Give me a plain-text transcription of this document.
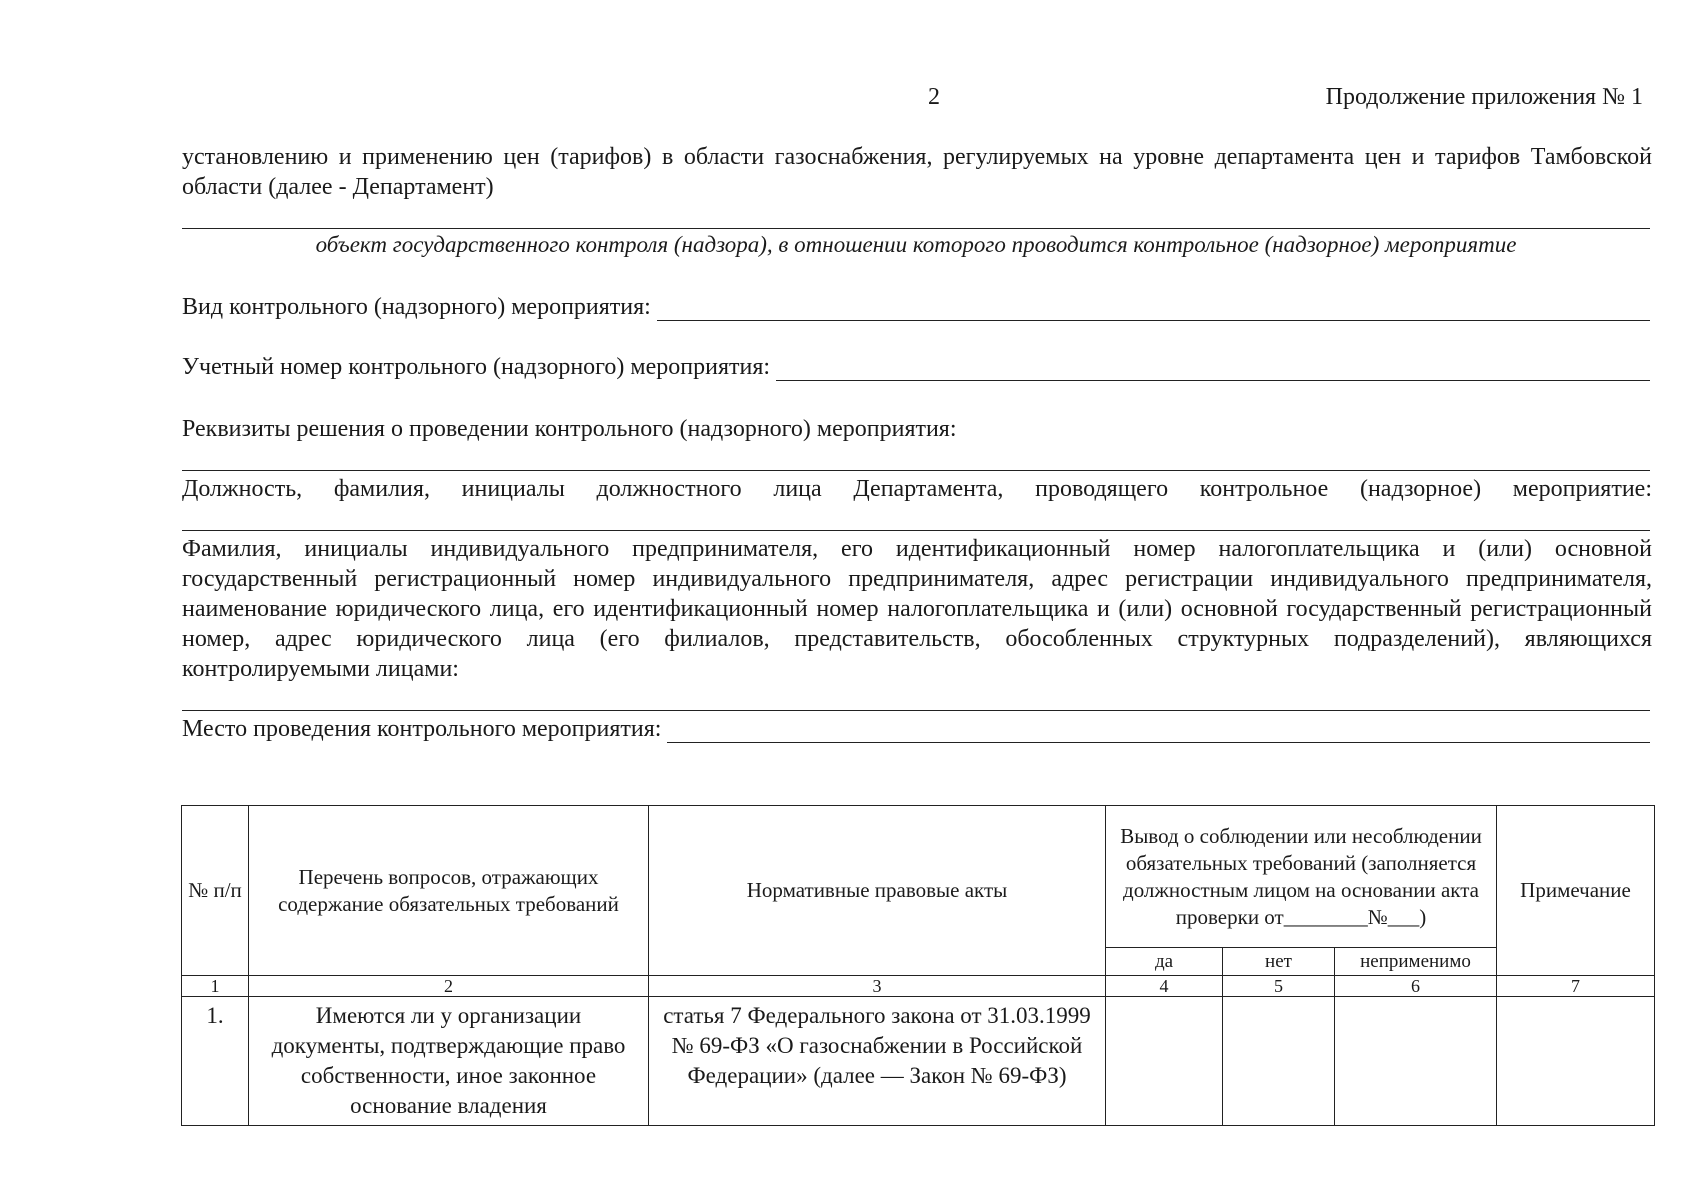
2	Продолжение приложения № 1
установлению и применению цен (тарифов) в области газоснабжения, регулируемых на уровне департамента цен и тарифов Тамбовской области (далее - Департамент)
объект государственного контроля (надзора), в отношении которого проводится контрольное (надзорное) мероприятие
Вид контрольного (надзорного) мероприятия:
Учетный номер контрольного (надзорного) мероприятия:
Реквизиты решения о проведении контрольного (надзорного) мероприятия:
Должность, фамилия, инициалы должностного лица Департамента, проводящего контрольное (надзорное) мероприятие:
Фамилия, инициалы индивидуального предпринимателя, его идентификационный номер налогоплательщика и (или) основной государственный регистрационный номер индивидуального предпринимателя, адрес регистрации индивидуального предпринимателя, наименование юридического лица, его идентификационный номер налогоплательщика и (или) основной государственный регистрационный номер, адрес юридического лица (его филиалов, представительств, обособленных структурных подразделений), являющихся контролируемыми лицами:
Место проведения контрольного мероприятия:
№ п/п	Перечень вопросов, отражающих содержание обязательных требований	Нормативные правовые акты	Вывод о соблюдении или несоблюдении обязательных требований (заполняется должностным лицом на основании акта проверки от________№___)			Примечание
			да	нет	неприменимо	
1	2	3	4	5	6	7
1.	Имеются ли у организации документы, подтверждающие право собственности, иное законное основание владения	статья 7 Федерального закона от 31.03.1999 № 69-ФЗ «О газоснабжении в Российской Федерации» (далее — Закон № 69-ФЗ)				
